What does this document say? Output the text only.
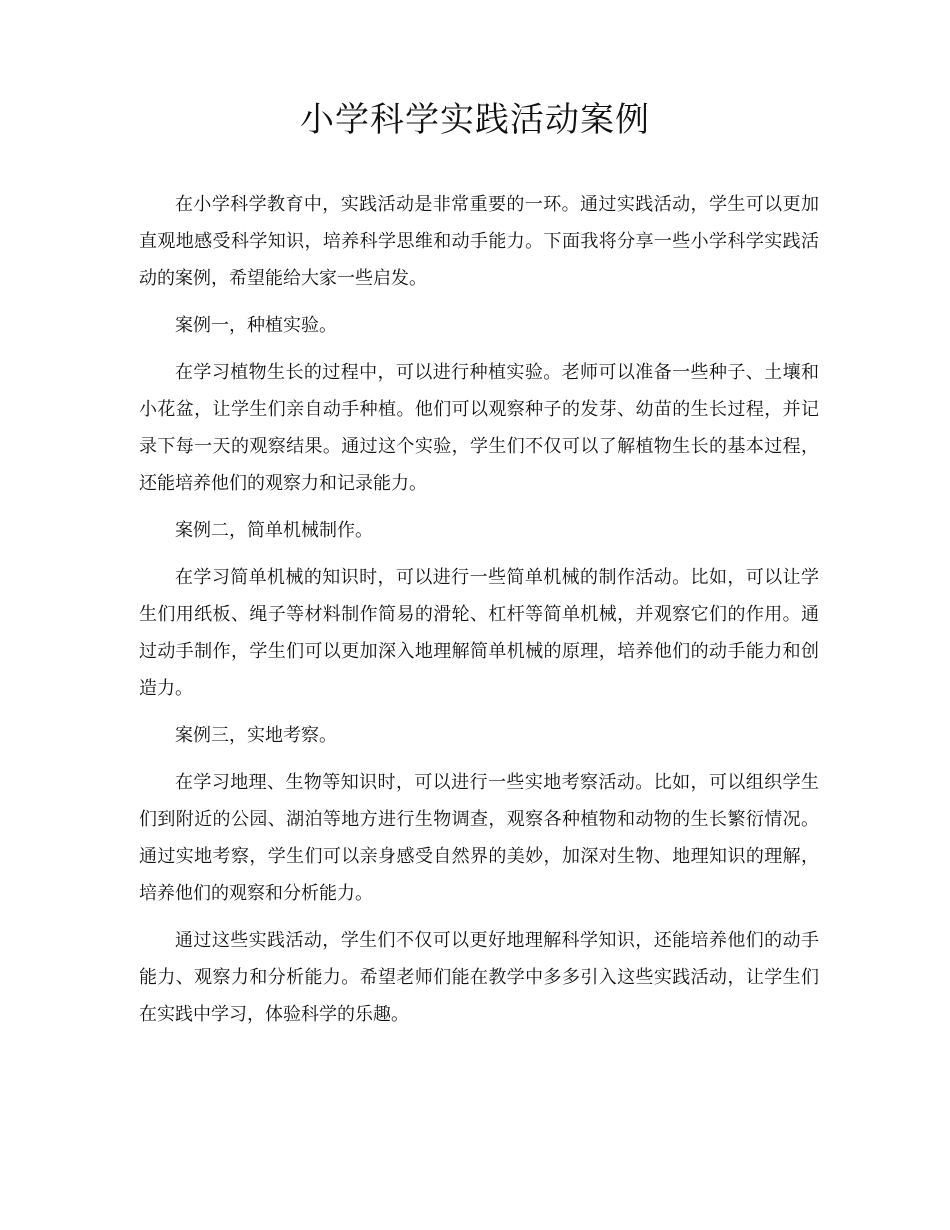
小学科学实践活动案例

在小学科学教育中，实践活动是非常重要的一环。通过实践活动，学生可以更加直观地感受科学知识，培养科学思维和动手能力。下面我将分享一些小学科学实践活动的案例，希望能给大家一些启发。

案例一，种植实验。

在学习植物生长的过程中，可以进行种植实验。老师可以准备一些种子、土壤和小花盆，让学生们亲自动手种植。他们可以观察种子的发芽、幼苗的生长过程，并记录下每一天的观察结果。通过这个实验，学生们不仅可以了解植物生长的基本过程，还能培养他们的观察力和记录能力。

案例二，简单机械制作。

在学习简单机械的知识时，可以进行一些简单机械的制作活动。比如，可以让学生们用纸板、绳子等材料制作简易的滑轮、杠杆等简单机械，并观察它们的作用。通过动手制作，学生们可以更加深入地理解简单机械的原理，培养他们的动手能力和创造力。

案例三，实地考察。

在学习地理、生物等知识时，可以进行一些实地考察活动。比如，可以组织学生们到附近的公园、湖泊等地方进行生物调查，观察各种植物和动物的生长繁衍情况。通过实地考察，学生们可以亲身感受自然界的美妙，加深对生物、地理知识的理解，培养他们的观察和分析能力。

通过这些实践活动，学生们不仅可以更好地理解科学知识，还能培养他们的动手能力、观察力和分析能力。希望老师们能在教学中多多引入这些实践活动，让学生们在实践中学习，体验科学的乐趣。
